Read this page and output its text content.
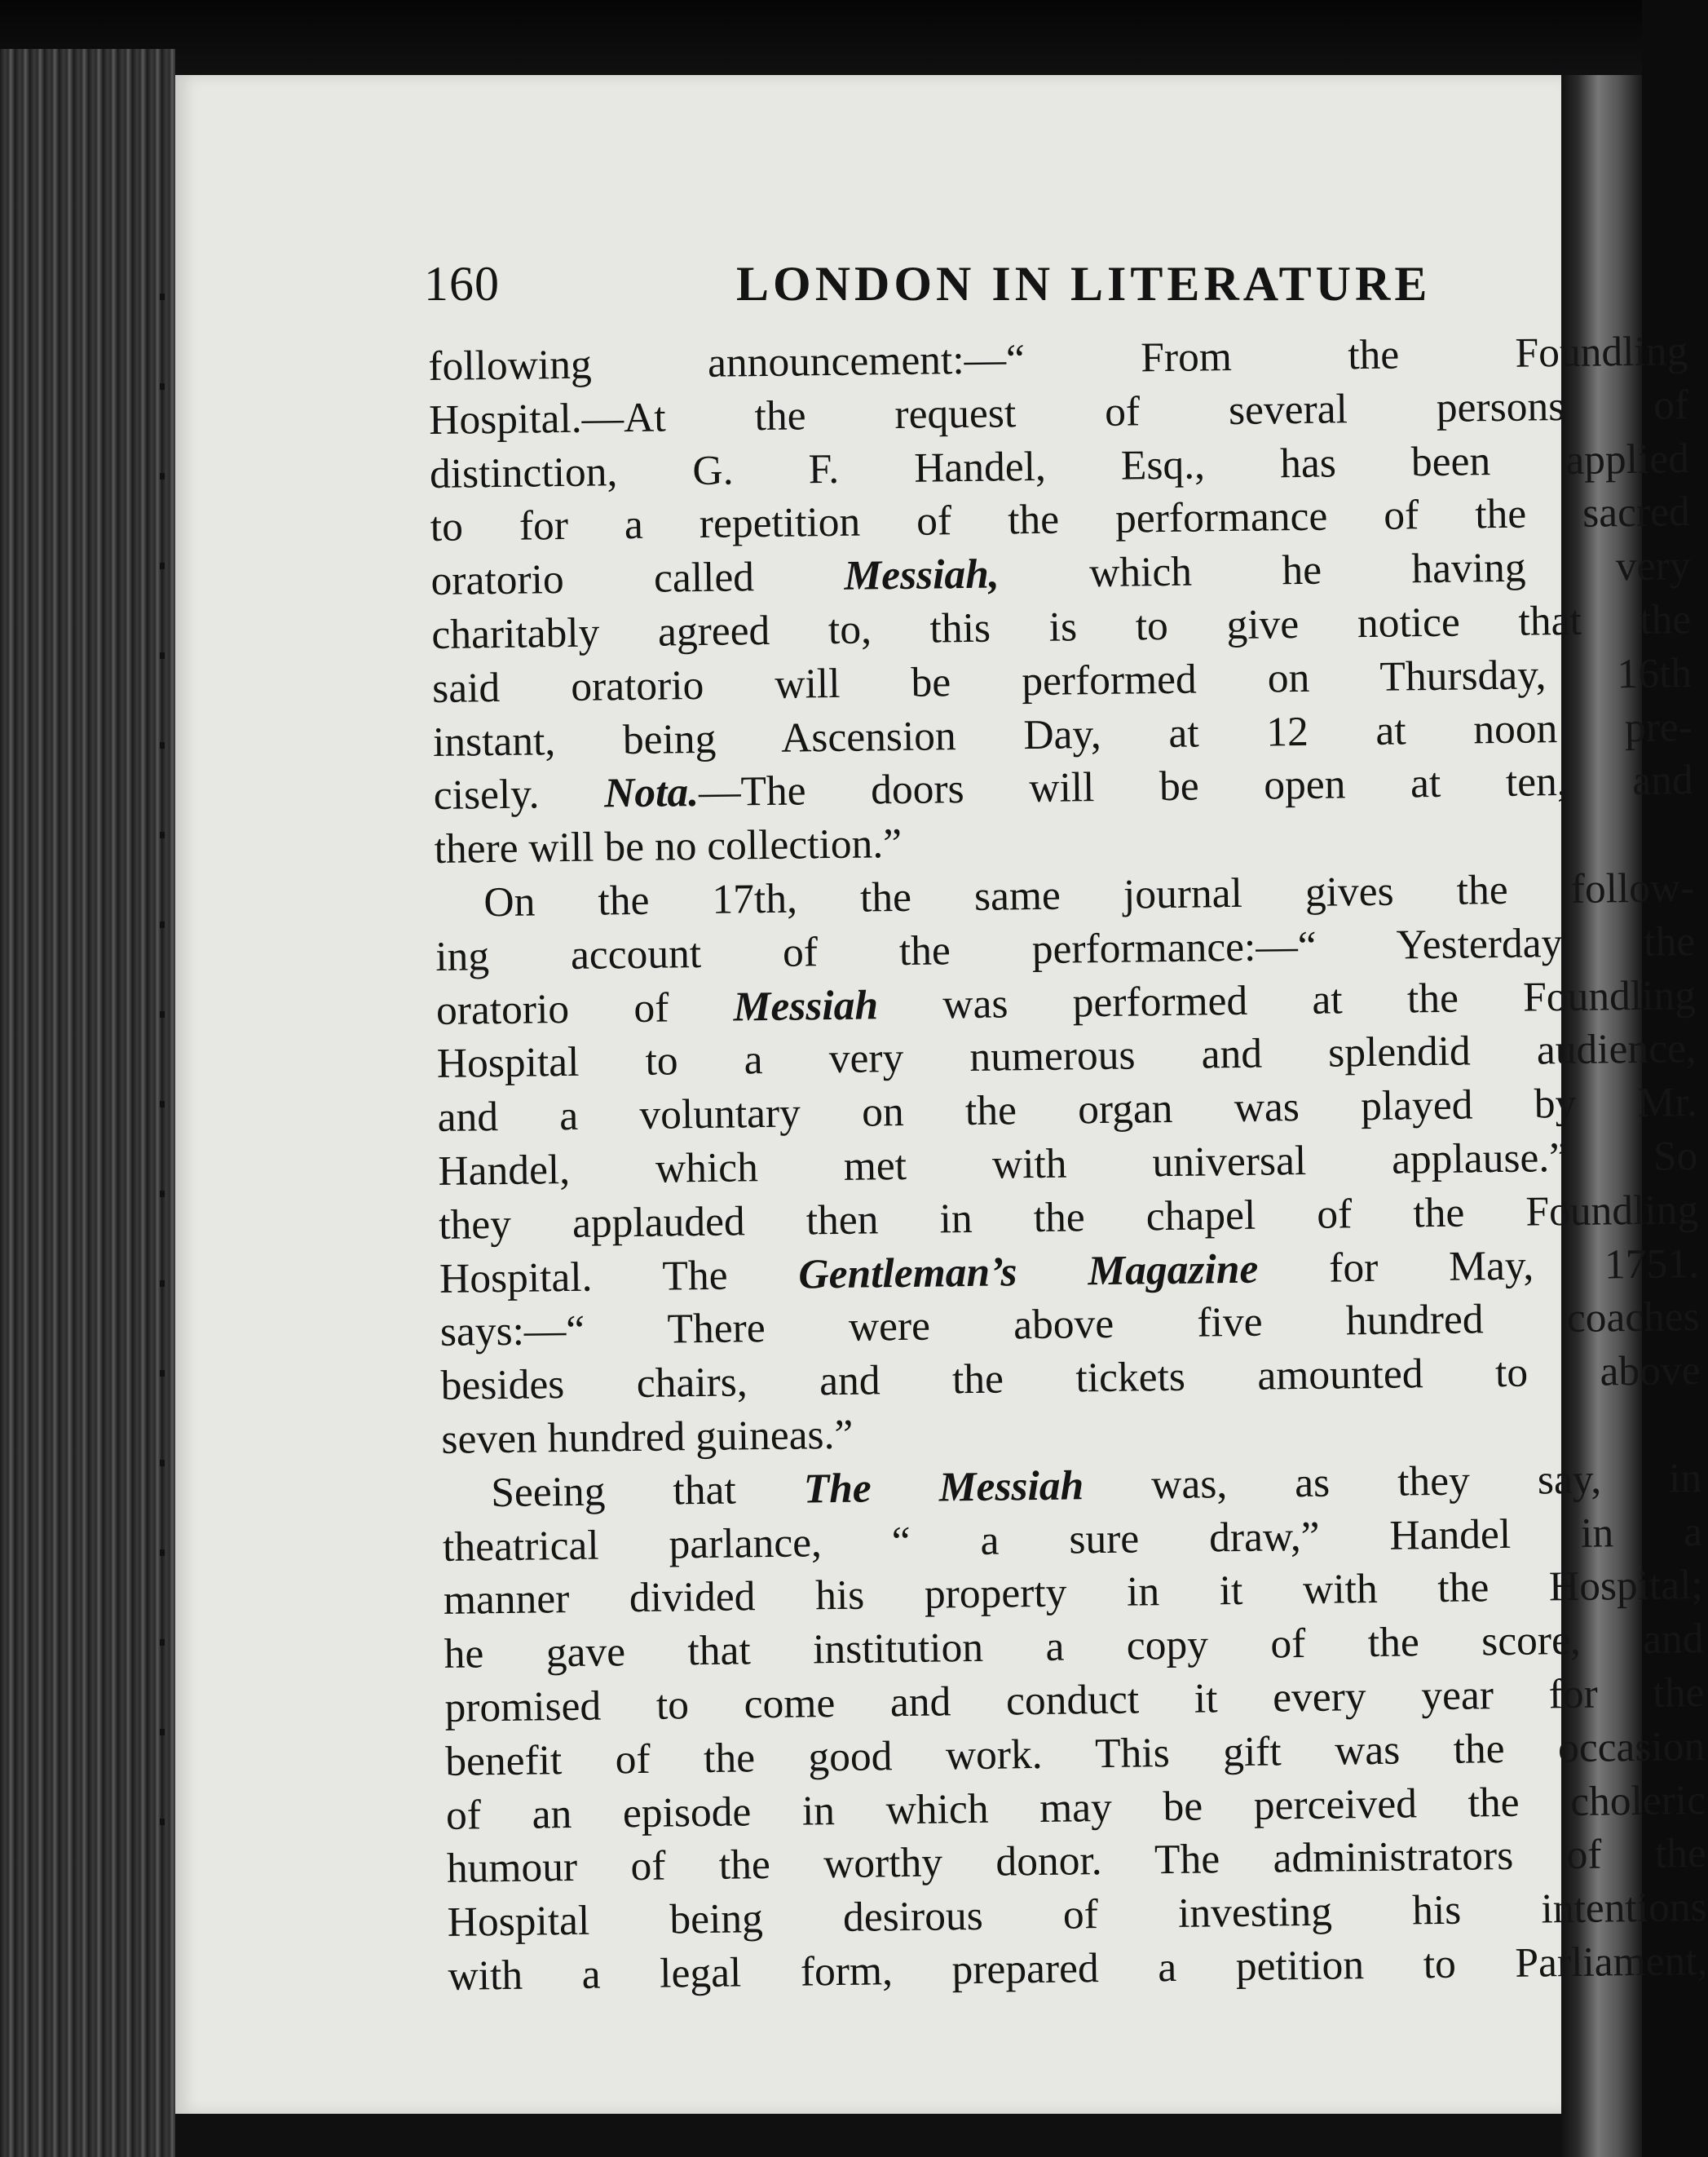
160	LONDON IN LITERATURE
following announcement:—“ From the Foundling
Hospital.—At the request of several persons of
distinction, G. F. Handel, Esq., has been applied
to for a repetition of the performance of the sacred
oratorio called Messiah, which he having very
charitably agreed to, this is to give notice that the
said oratorio will be performed on Thursday, 16th
instant, being Ascension Day, at 12 at noon pre-
cisely. Nota.—The doors will be open at ten, and
there will be no collection.”
On the 17th, the same journal gives the follow-
ing account of the performance:—“ Yesterday the
oratorio of Messiah was performed at the Foundling
Hospital to a very numerous and splendid audience,
and a voluntary on the organ was played by Mr.
Handel, which met with universal applause.” So
they applauded then in the chapel of the Foundling
Hospital. The Gentleman’s Magazine for May, 1751.
says:—“ There were above five hundred coaches
besides chairs, and the tickets amounted to above
seven hundred guineas.”
Seeing that The Messiah was, as they say, in
theatrical parlance, “ a sure draw,” Handel in a
manner divided his property in it with the Hospital;
he gave that institution a copy of the score, and
promised to come and conduct it every year for the
benefit of the good work. This gift was the occasion
of an episode in which may be perceived the choleric
humour of the worthy donor. The administrators of the
Hospital being desirous of investing his intentions
with a legal form, prepared a petition to Parliament,
